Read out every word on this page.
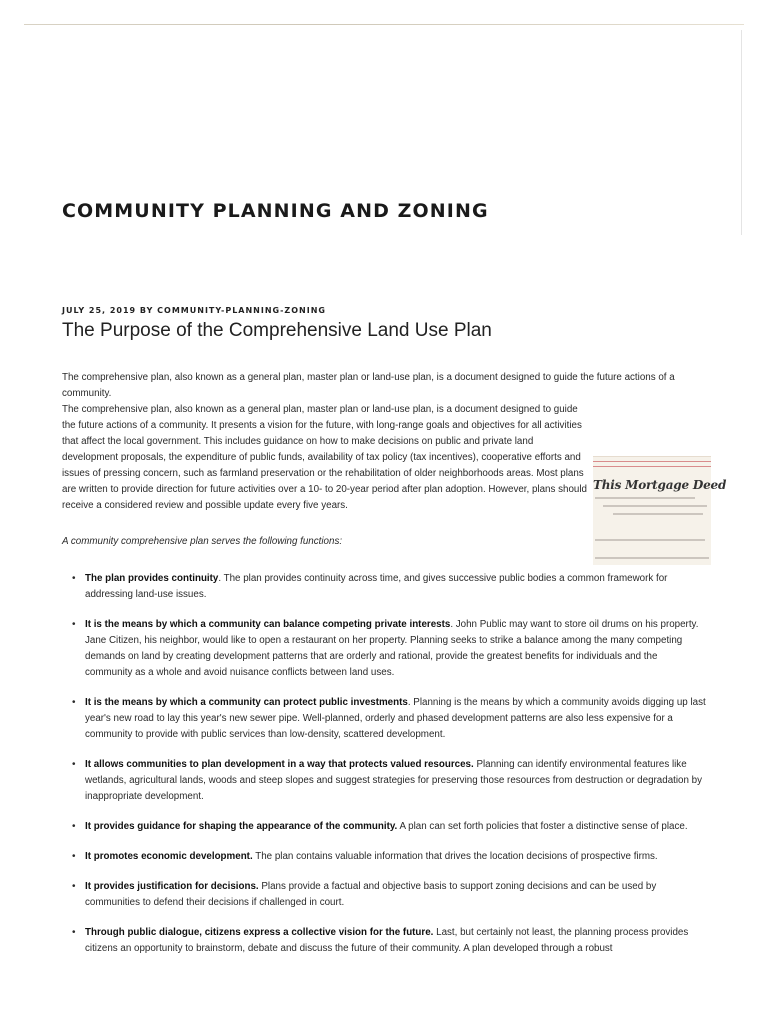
COMMUNITY PLANNING AND ZONING
JULY 25, 2019 BY COMMUNITY-PLANNING-ZONING
The Purpose of the Comprehensive Land Use Plan

The comprehensive plan, also known as a general plan, master plan or land-use plan, is a document designed to guide the future actions of a community.

This Mortgage Deed
The comprehensive plan, also known as a general plan, master plan or land-use plan, is a document designed to guide the future actions of a community. It presents a vision for the future, with long-range goals and objectives for all activities that affect the local government. This includes guidance on how to make decisions on public and private land development proposals, the expenditure of public funds, availability of tax policy (tax incentives), cooperative efforts and issues of pressing concern, such as farmland preservation or the rehabilitation of older neighborhoods areas. Most plans are written to provide direction for future activities over a 10- to 20-year period after plan adoption. However, plans should receive a considered review and possible update every five years.

A community comprehensive plan serves the following functions:

• The plan provides continuity. The plan provides continuity across time, and gives successive public bodies a common framework for addressing land-use issues.
• It is the means by which a community can balance competing private interests. John Public may want to store oil drums on his property. Jane Citizen, his neighbor, would like to open a restaurant on her property. Planning seeks to strike a balance among the many competing demands on land by creating development patterns that are orderly and rational, provide the greatest benefits for individuals and the community as a whole and avoid nuisance conflicts between land uses.
• It is the means by which a community can protect public investments. Planning is the means by which a community avoids digging up last year's new road to lay this year's new sewer pipe. Well-planned, orderly and phased development patterns are also less expensive for a community to provide with public services than low-density, scattered development.
• It allows communities to plan development in a way that protects valued resources. Planning can identify environmental features like wetlands, agricultural lands, woods and steep slopes and suggest strategies for preserving those resources from destruction or degradation by inappropriate development.
• It provides guidance for shaping the appearance of the community. A plan can set forth policies that foster a distinctive sense of place.
• It promotes economic development. The plan contains valuable information that drives the location decisions of prospective firms.
• It provides justification for decisions. Plans provide a factual and objective basis to support zoning decisions and can be used by communities to defend their decisions if challenged in court.
• Through public dialogue, citizens express a collective vision for the future. Last, but certainly not least, the planning process provides citizens an opportunity to brainstorm, debate and discuss the future of their community. A plan developed through a robust
